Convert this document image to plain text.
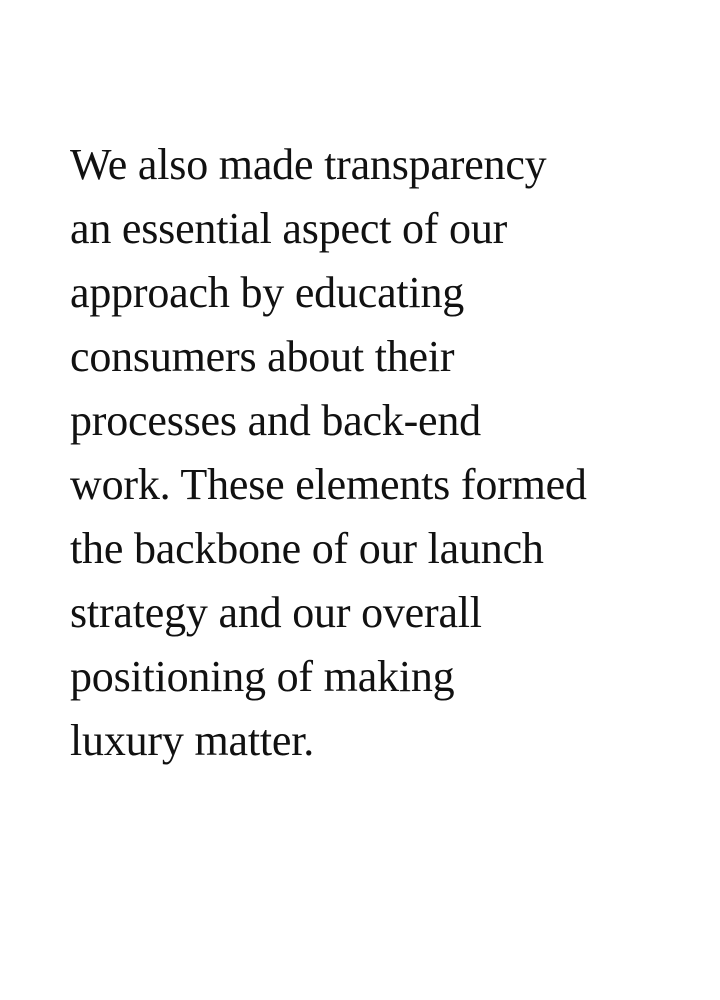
We also made transparency
an essential aspect of our
approach by educating
consumers about their
processes and back-end
work. These elements formed
the backbone of our launch
strategy and our overall
positioning of making
luxury matter.
